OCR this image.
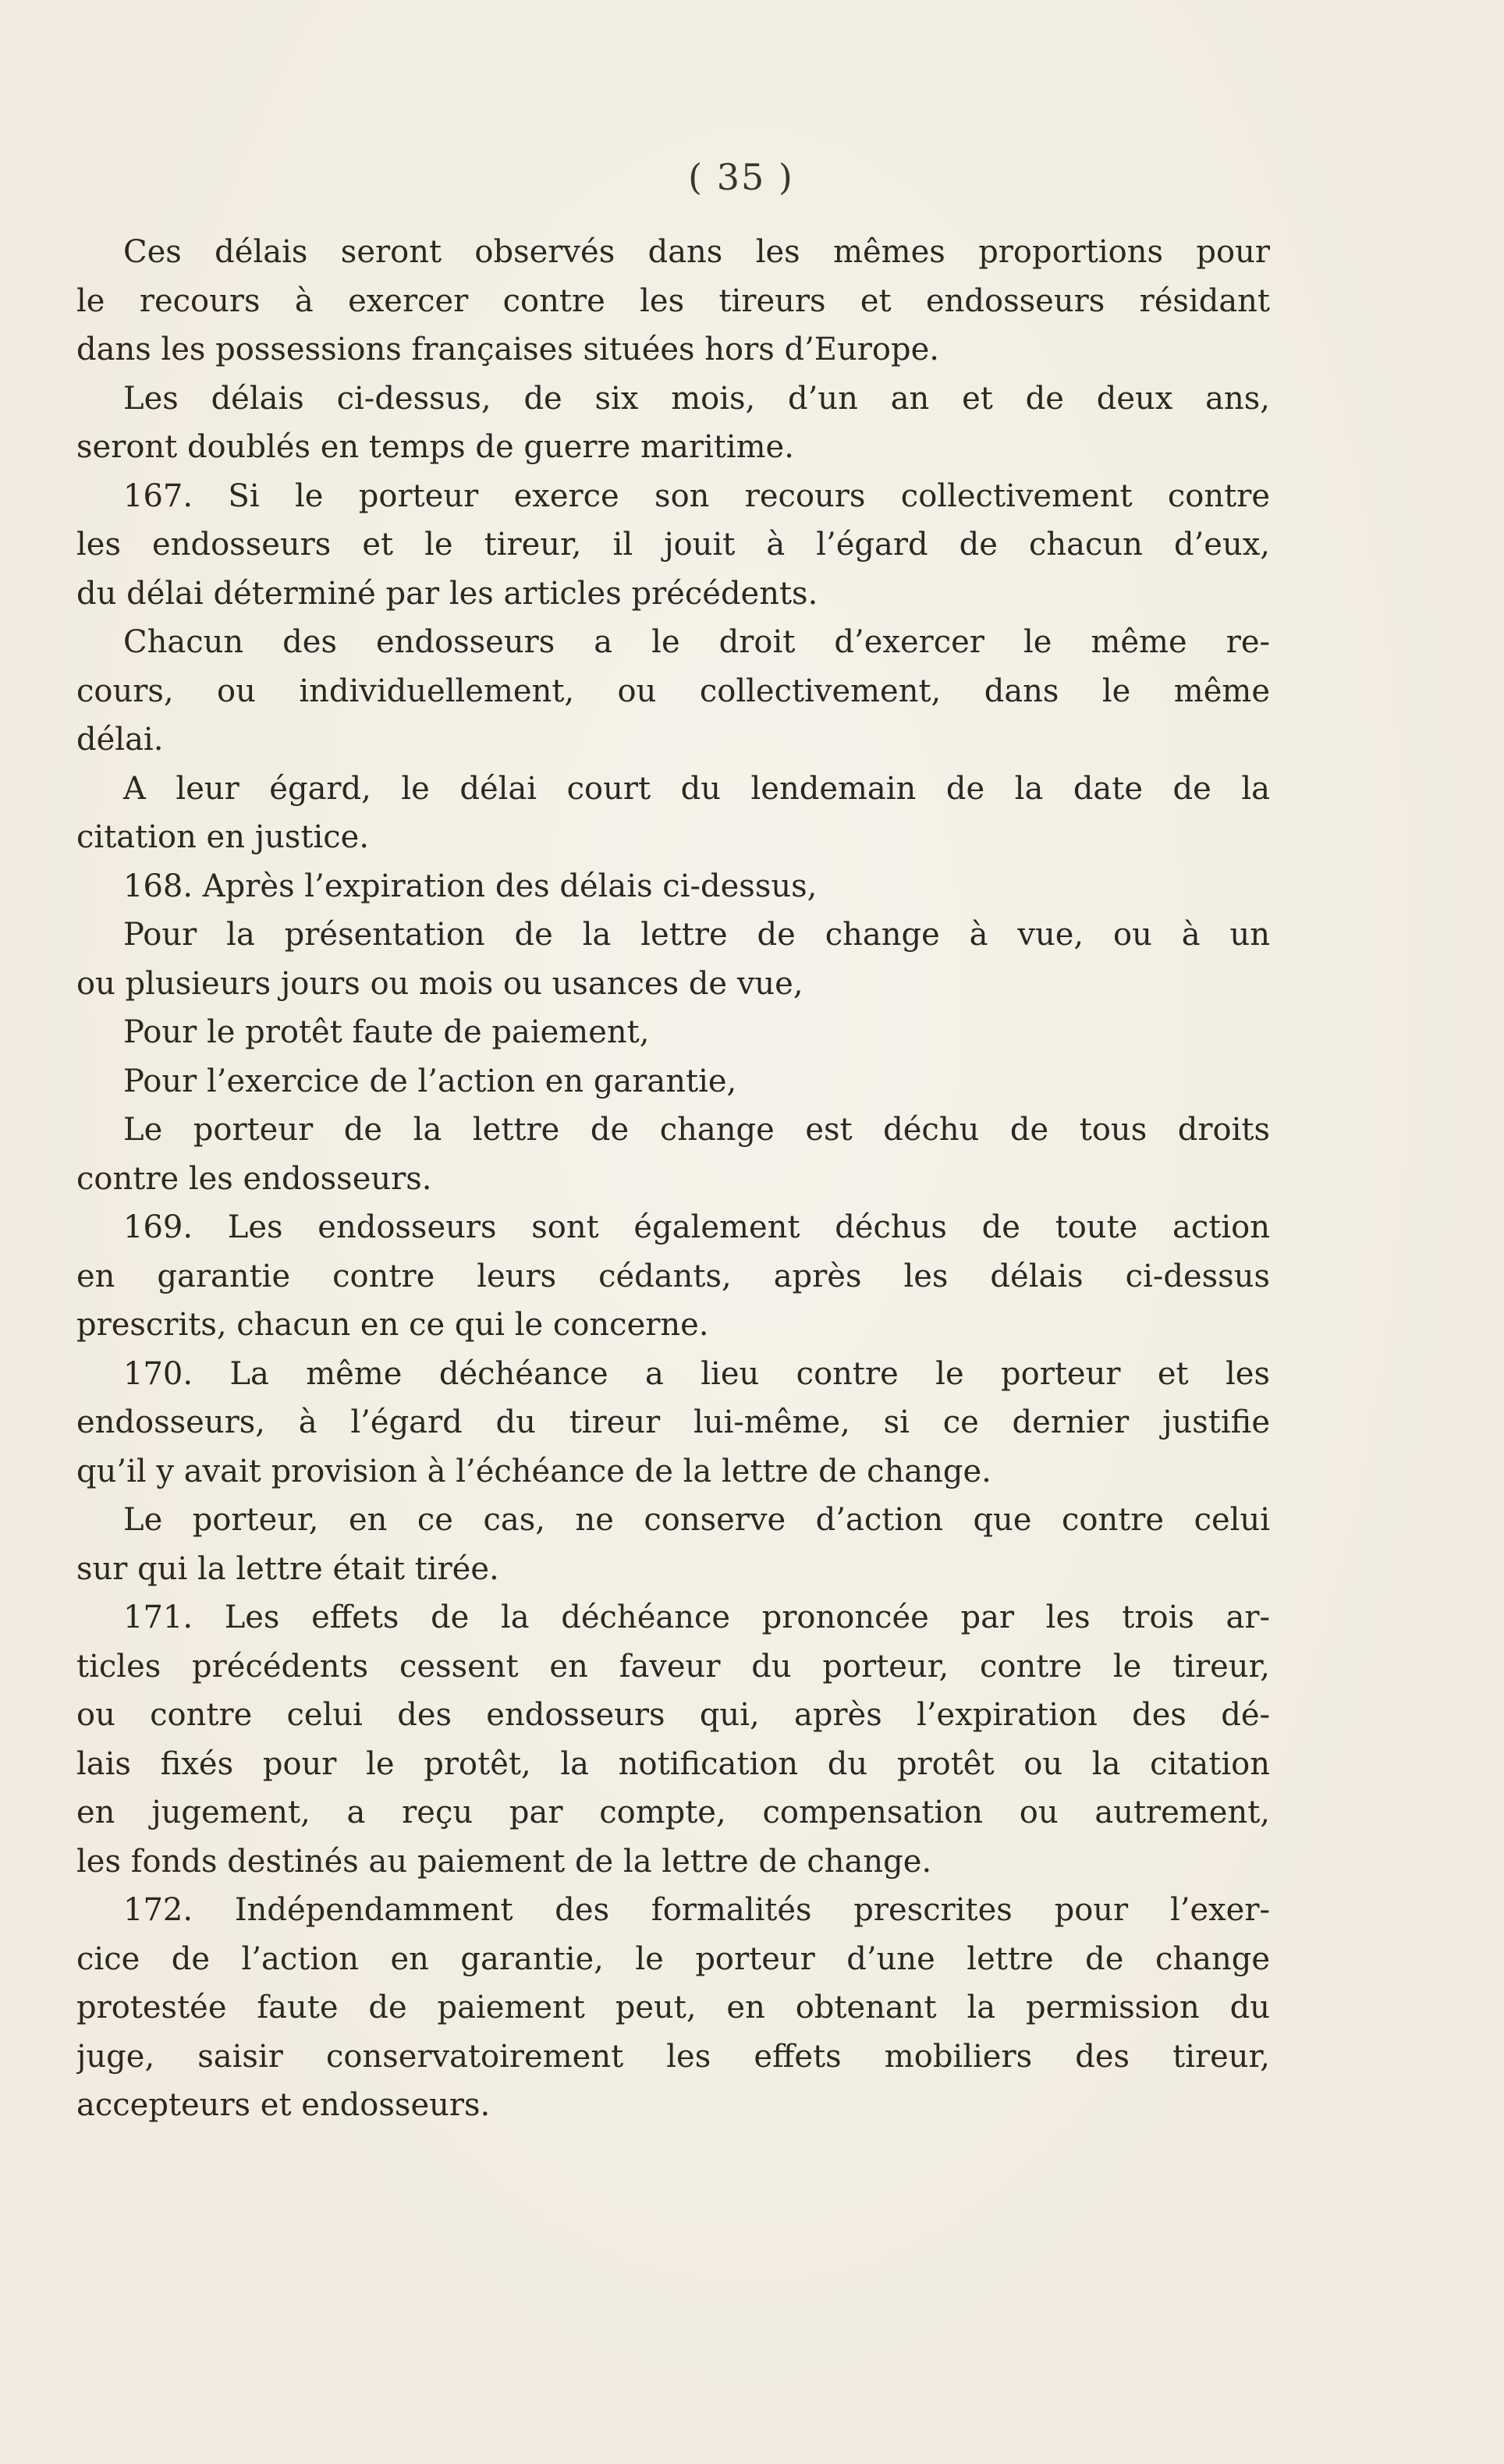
( 35 )
Ces délais seront observés dans les mêmes proportions pour
le recours à exercer contre les tireurs et endosseurs résidant
dans les possessions françaises situées hors d’Europe.
Les délais ci-dessus, de six mois, d’un an et de deux ans,
seront doublés en temps de guerre maritime.
167. Si le porteur exerce son recours collectivement contre
les endosseurs et le tireur, il jouit à l’égard de chacun d’eux,
du délai déterminé par les articles précédents.
Chacun des endosseurs a le droit d’exercer le même re-
cours, ou individuellement, ou collectivement, dans le même
délai.
A leur égard, le délai court du lendemain de la date de la
citation en justice.
168. Après l’expiration des délais ci-dessus,
Pour la présentation de la lettre de change à vue, ou à un
ou plusieurs jours ou mois ou usances de vue,
Pour le protêt faute de paiement,
Pour l’exercice de l’action en garantie,
Le porteur de la lettre de change est déchu de tous droits
contre les endosseurs.
169. Les endosseurs sont également déchus de toute action
en garantie contre leurs cédants, après les délais ci-dessus
prescrits, chacun en ce qui le concerne.
170. La même déchéance a lieu contre le porteur et les
endosseurs, à l’égard du tireur lui-même, si ce dernier justifie
qu’il y avait provision à l’échéance de la lettre de change.
Le porteur, en ce cas, ne conserve d’action que contre celui
sur qui la lettre était tirée.
171. Les effets de la déchéance prononcée par les trois ar-
ticles précédents cessent en faveur du porteur, contre le tireur,
ou contre celui des endosseurs qui, après l’expiration des dé-
lais fixés pour le protêt, la notification du protêt ou la citation
en jugement, a reçu par compte, compensation ou autrement,
les fonds destinés au paiement de la lettre de change.
172. Indépendamment des formalités prescrites pour l’exer-
cice de l’action en garantie, le porteur d’une lettre de change
protestée faute de paiement peut, en obtenant la permission du
juge, saisir conservatoirement les effets mobiliers des tireur,
accepteurs et endosseurs.
